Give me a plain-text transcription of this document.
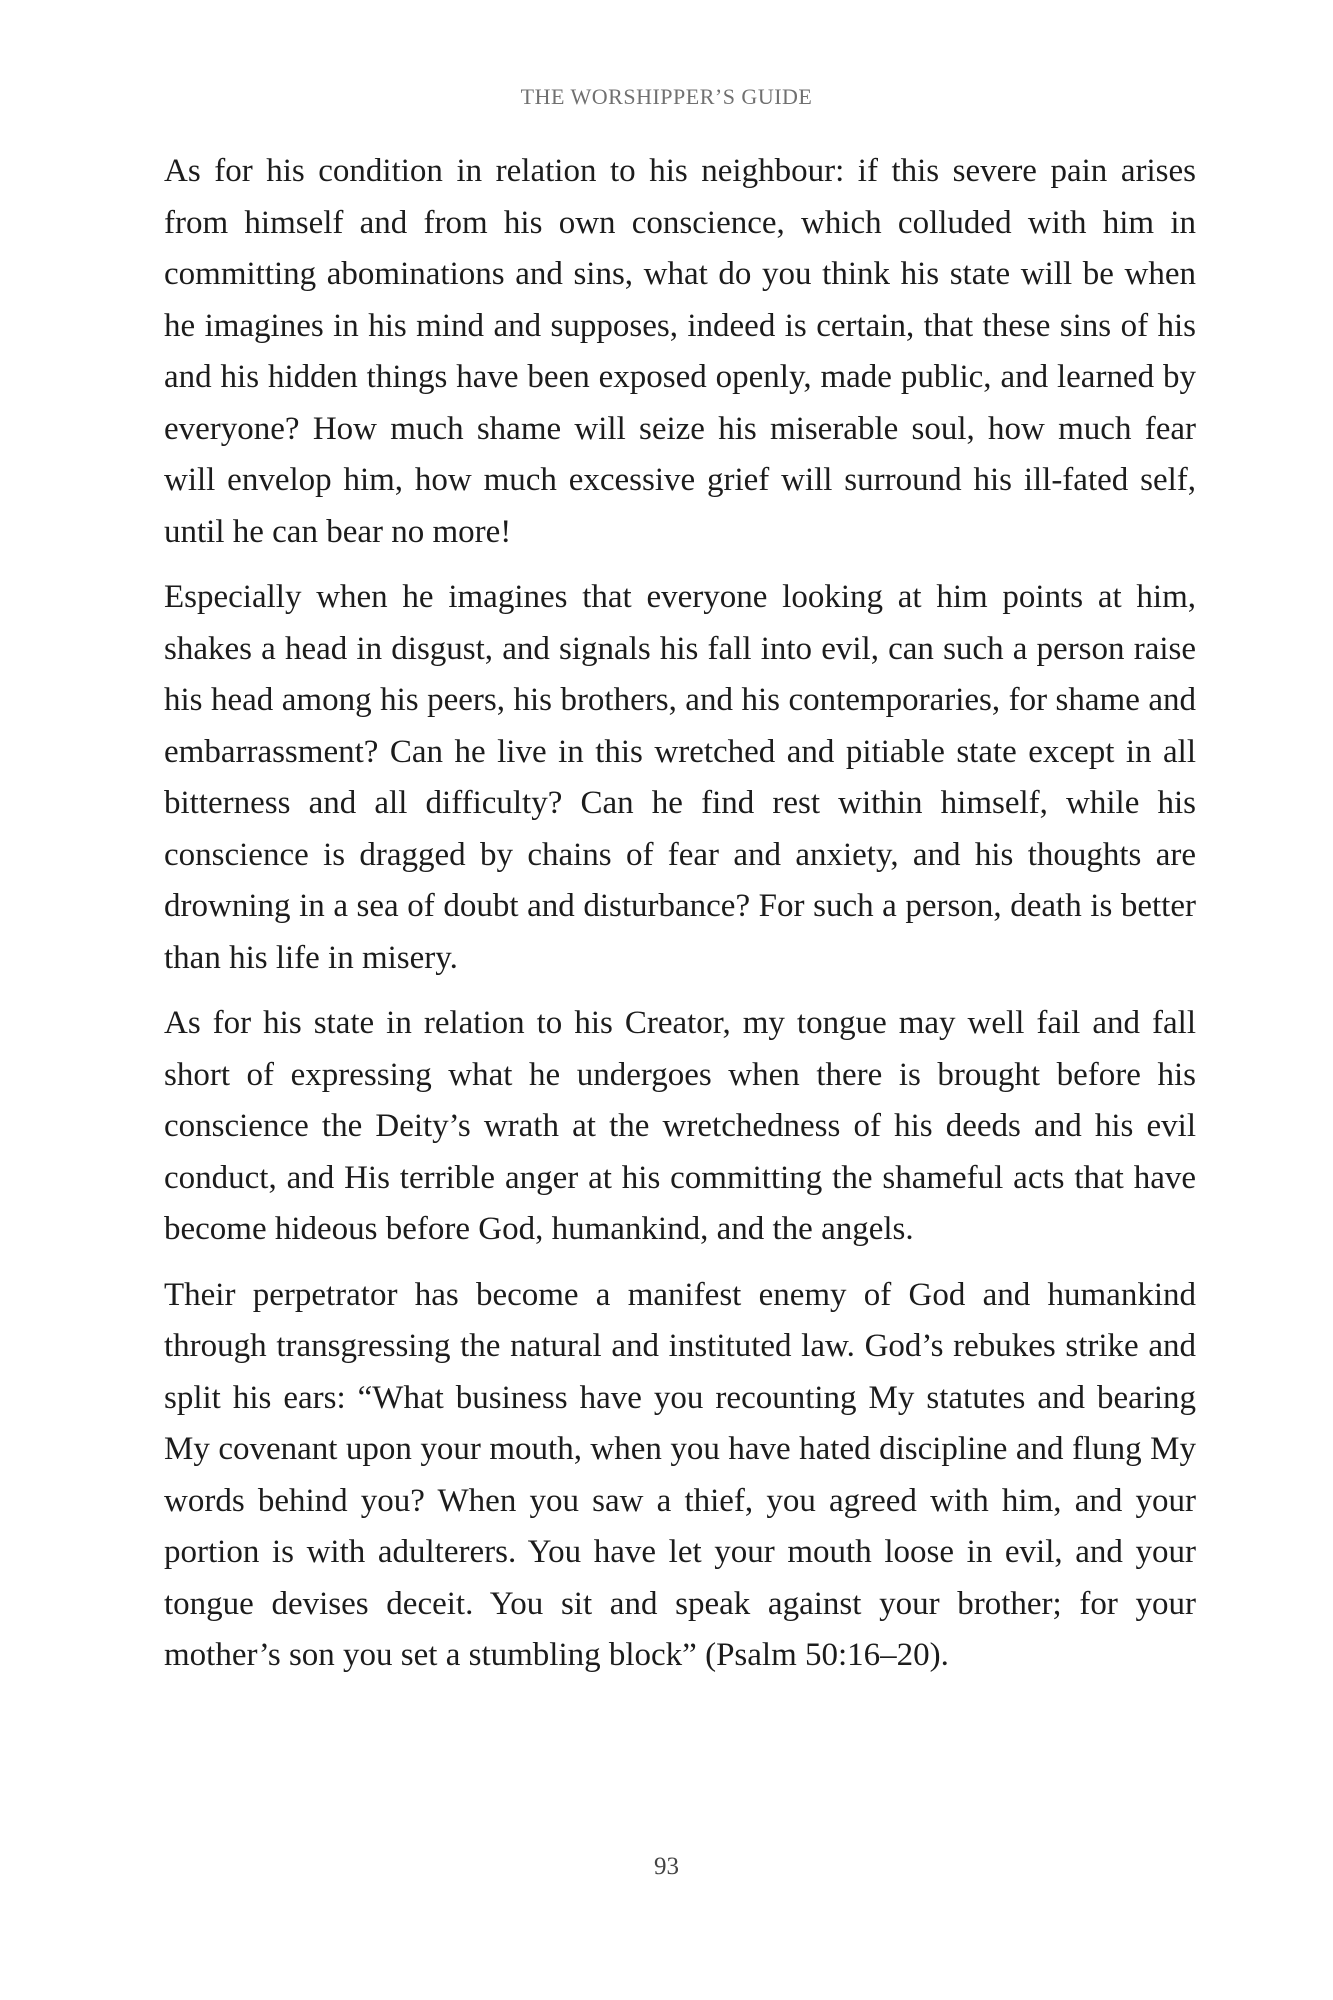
THE WORSHIPPER’S GUIDE

As for his condition in relation to his neighbour: if this severe pain arises from himself and from his own conscience, which colluded with him in committing abominations and sins, what do you think his state will be when he imagines in his mind and supposes, indeed is certain, that these sins of his and his hidden things have been exposed openly, made public, and learned by everyone? How much shame will seize his miserable soul, how much fear will envelop him, how much excessive grief will surround his ill-fated self, until he can bear no more!

Especially when he imagines that everyone looking at him points at him, shakes a head in disgust, and signals his fall into evil, can such a person raise his head among his peers, his brothers, and his contemporaries, for shame and embarrassment? Can he live in this wretched and pitiable state except in all bitterness and all difficulty? Can he find rest within himself, while his conscience is dragged by chains of fear and anxiety, and his thoughts are drowning in a sea of doubt and disturbance? For such a person, death is better than his life in misery.

As for his state in relation to his Creator, my tongue may well fail and fall short of expressing what he undergoes when there is brought before his conscience the Deity’s wrath at the wretchedness of his deeds and his evil conduct, and His terrible anger at his committing the shameful acts that have become hideous before God, humankind, and the angels.

Their perpetrator has become a manifest enemy of God and humankind through transgressing the natural and instituted law. God’s rebukes strike and split his ears: “What business have you recounting My statutes and bearing My covenant upon your mouth, when you have hated discipline and flung My words behind you? When you saw a thief, you agreed with him, and your portion is with adulterers. You have let your mouth loose in evil, and your tongue devises deceit. You sit and speak against your brother; for your mother’s son you set a stumbling block” (Psalm 50:16–20).

93
